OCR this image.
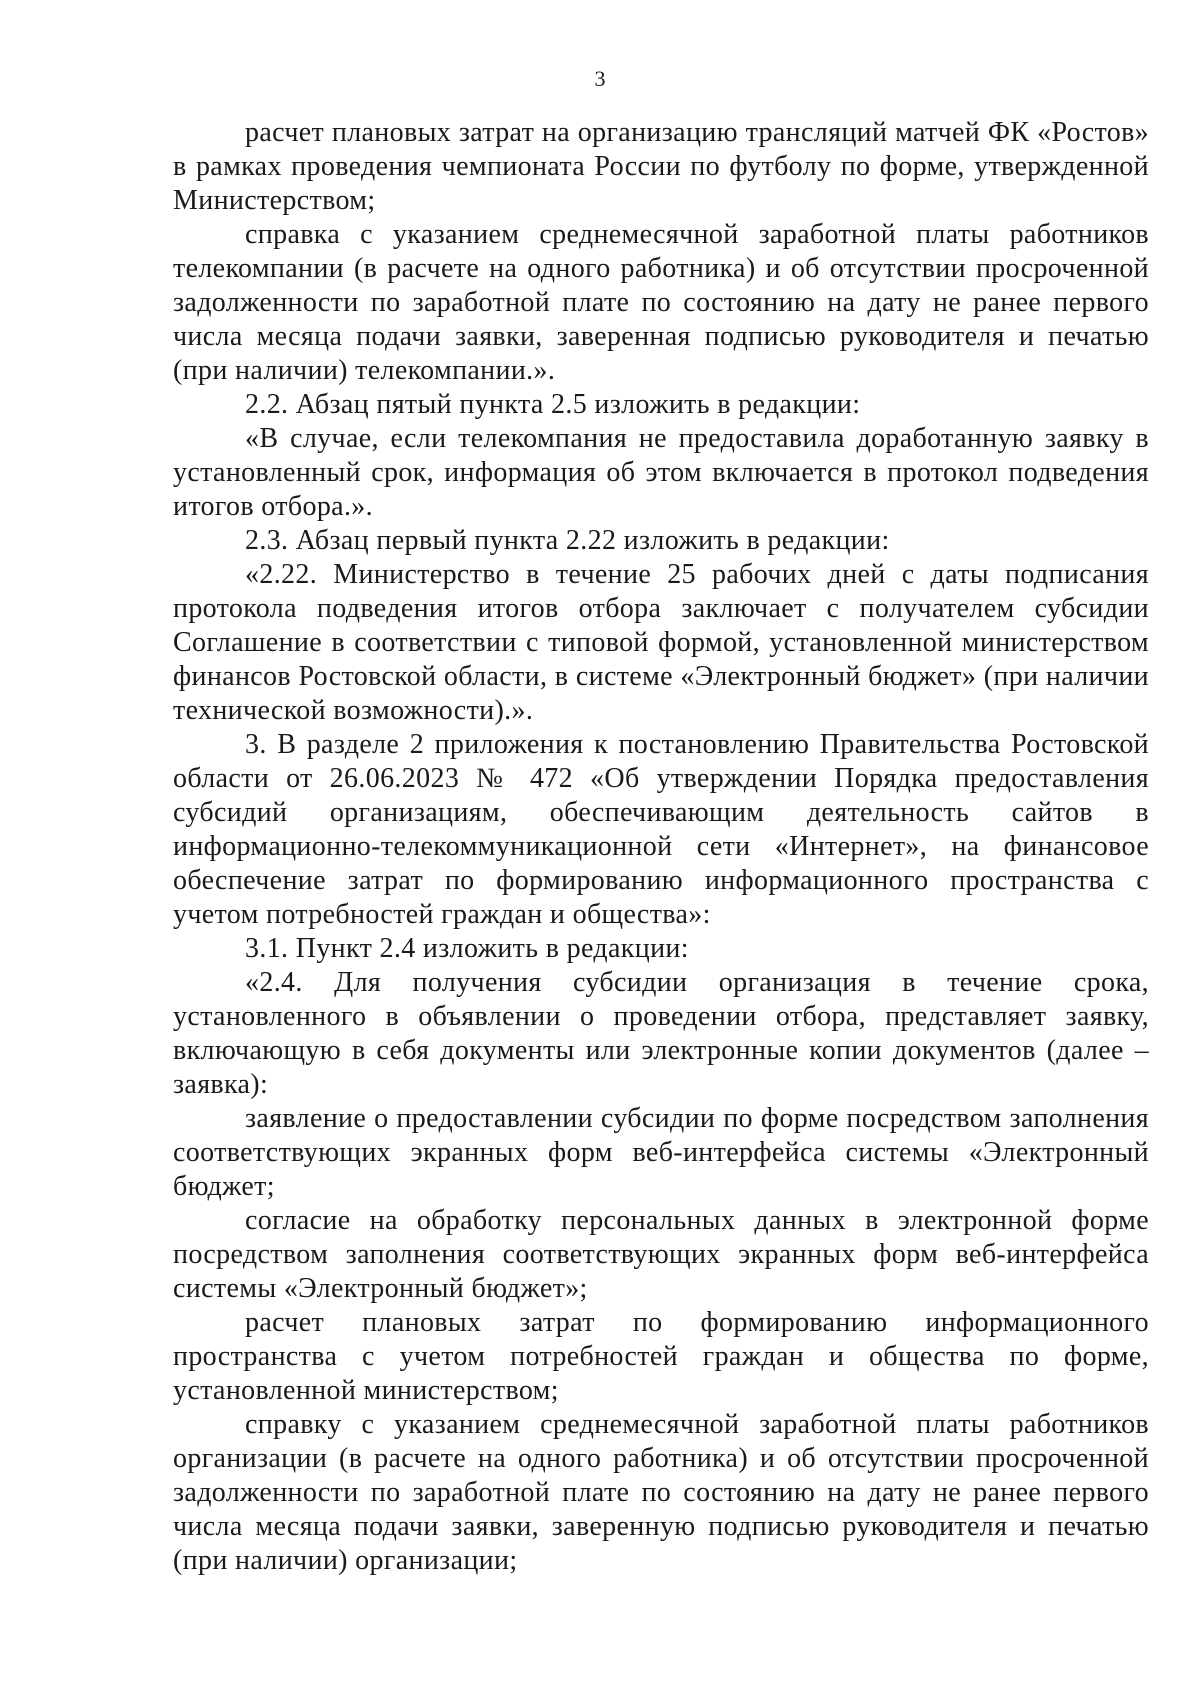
3

расчет плановых затрат на организацию трансляций матчей ФК «Ростов» в рамках проведения чемпионата России по футболу по форме, утвержденной Министерством;

справка с указанием среднемесячной заработной платы работников телекомпании (в расчете на одного работника) и об отсутствии просроченной задолженности по заработной плате по состоянию на дату не ранее первого числа месяца подачи заявки, заверенная подписью руководителя и печатью (при наличии) телекомпании.».

2.2. Абзац пятый пункта 2.5 изложить в редакции:

«В случае, если телекомпания не предоставила доработанную заявку в установленный срок, информация об этом включается в протокол подведения итогов отбора.».

2.3. Абзац первый пункта 2.22 изложить в редакции:

«2.22. Министерство в течение 25 рабочих дней с даты подписания протокола подведения итогов отбора заключает с получателем субсидии Соглашение в соответствии с типовой формой, установленной министерством финансов Ростовской области, в системе «Электронный бюджет» (при наличии технической возможности).».

3. В разделе 2 приложения к постановлению Правительства Ростовской области от 26.06.2023 № 472 «Об утверждении Порядка предоставления субсидий организациям, обеспечивающим деятельность сайтов в информационно-телекоммуникационной сети «Интернет», на финансовое обеспечение затрат по формированию информационного пространства с учетом потребностей граждан и общества»:

3.1. Пункт 2.4 изложить в редакции:

«2.4. Для получения субсидии организация в течение срока, установленного в объявлении о проведении отбора, представляет заявку, включающую в себя документы или электронные копии документов (далее – заявка):

заявление о предоставлении субсидии по форме посредством заполнения соответствующих экранных форм веб-интерфейса системы «Электронный бюджет;

согласие на обработку персональных данных в электронной форме посредством заполнения соответствующих экранных форм веб-интерфейса системы «Электронный бюджет»;

расчет плановых затрат по формированию информационного пространства с учетом потребностей граждан и общества по форме, установленной министерством;

справку с указанием среднемесячной заработной платы работников организации (в расчете на одного работника) и об отсутствии просроченной задолженности по заработной плате по состоянию на дату не ранее первого числа месяца подачи заявки, заверенную подписью руководителя и печатью (при наличии) организации;
